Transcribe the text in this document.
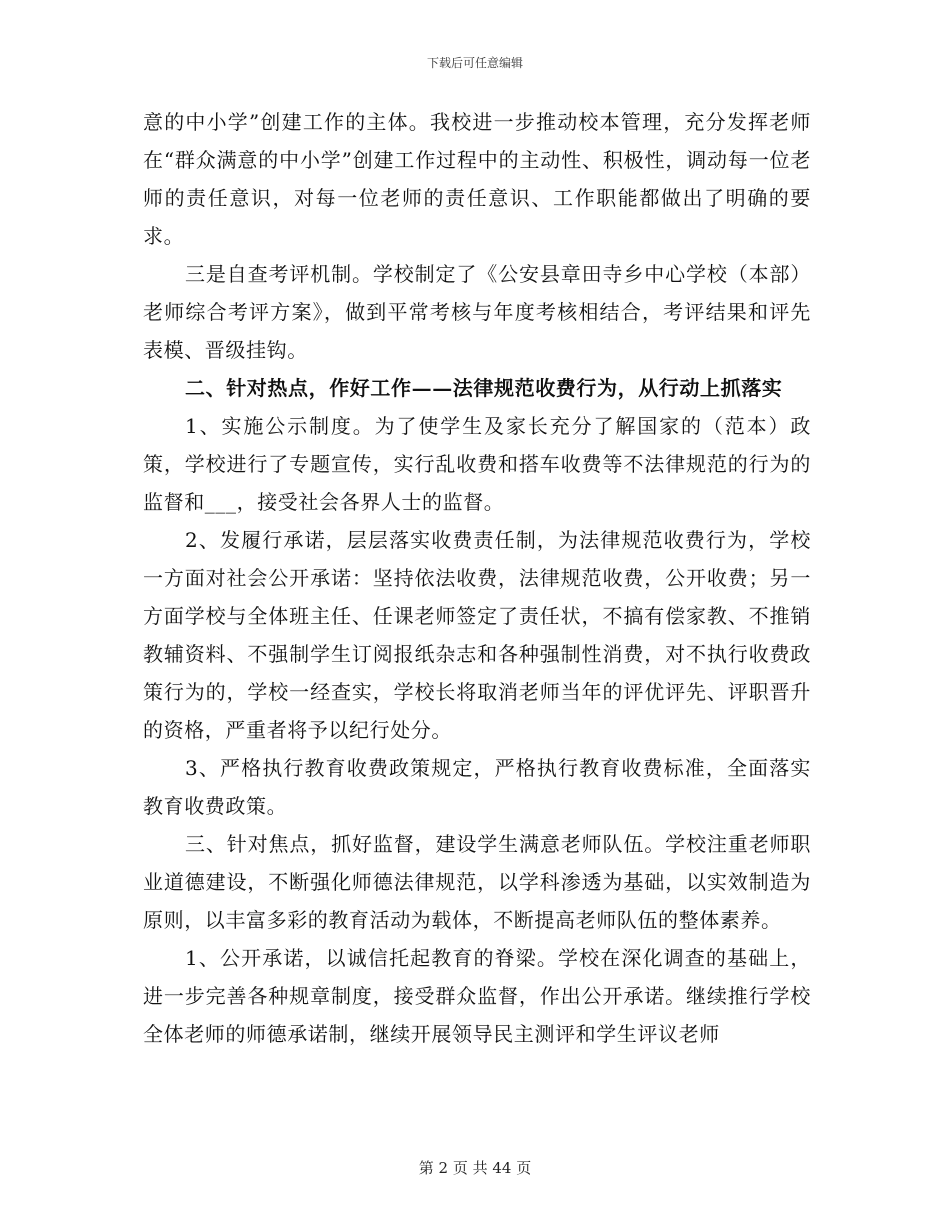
下载后可任意编辑

意的中小学”创建工作的主体。我校进一步推动校本管理，充分发挥老师在“群众满意的中小学”创建工作过程中的主动性、积极性，调动每一位老师的责任意识，对每一位老师的责任意识、工作职能都做出了明确的要求。

三是自查考评机制。学校制定了《公安县章田寺乡中心学校（本部）老师综合考评方案》，做到平常考核与年度考核相结合，考评结果和评先表模、晋级挂钩。

二、针对热点，作好工作——法律规范收费行为，从行动上抓落实

1、实施公示制度。为了使学生及家长充分了解国家的（范本）政策，学校进行了专题宣传，实行乱收费和搭车收费等不法律规范的行为的监督和___，接受社会各界人士的监督。

2、发履行承诺，层层落实收费责任制，为法律规范收费行为，学校一方面对社会公开承诺：坚持依法收费，法律规范收费，公开收费；另一方面学校与全体班主任、任课老师签定了责任状，不搞有偿家教、不推销教辅资料、不强制学生订阅报纸杂志和各种强制性消费，对不执行收费政策行为的，学校一经查实，学校长将取消老师当年的评优评先、评职晋升的资格，严重者将予以纪行处分。

3、严格执行教育收费政策规定，严格执行教育收费标准，全面落实教育收费政策。

三、针对焦点，抓好监督，建设学生满意老师队伍。学校注重老师职业道德建设，不断强化师德法律规范，以学科渗透为基础，以实效制造为原则，以丰富多彩的教育活动为载体，不断提高老师队伍的整体素养。

1、公开承诺，以诚信托起教育的脊梁。学校在深化调查的基础上，进一步完善各种规章制度，接受群众监督，作出公开承诺。继续推行学校全体老师的师德承诺制，继续开展领导民主测评和学生评议老师

第 2 页 共 44 页
